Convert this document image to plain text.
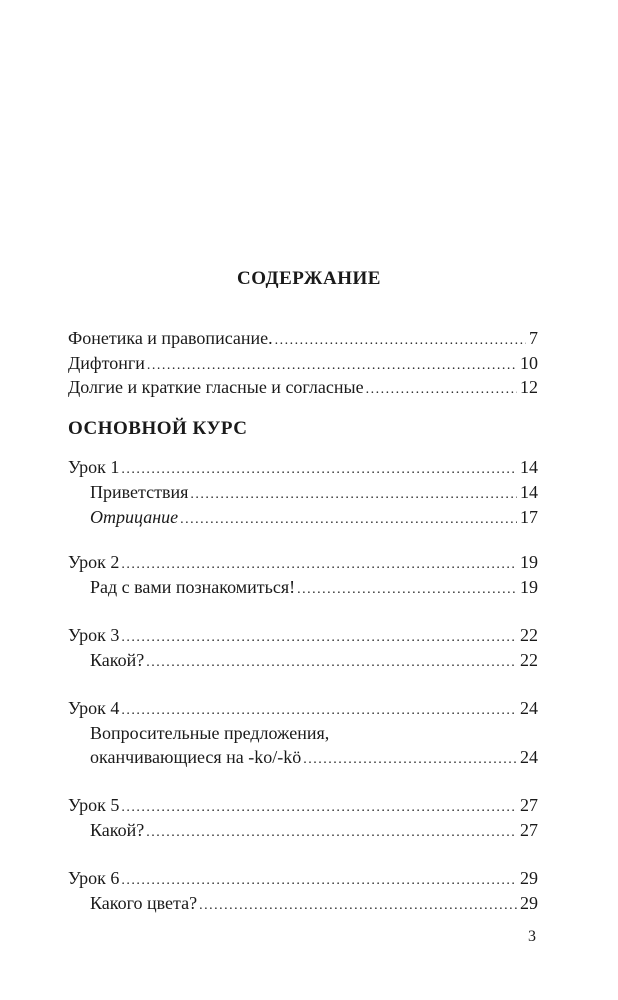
СОДЕРЖАНИЕ
Фонетика и правописание. .....	7
Дифтонги .....	10
Долгие и краткие гласные и согласные .....	12
ОСНОВНОЙ КУРС
Урок 1 .....	14
Приветствия .....	14
Отрицание .....	17
Урок 2 .....	19
Рад с вами познакомиться! .....	19
Урок 3 .....	22
Какой? .....	22
Урок 4 .....	24
Вопросительные предложения,
оканчивающиеся на -ko/-kö .....	24
Урок 5 .....	27
Какой? .....	27
Урок 6 .....	29
Какого цвета? .....	29
3
